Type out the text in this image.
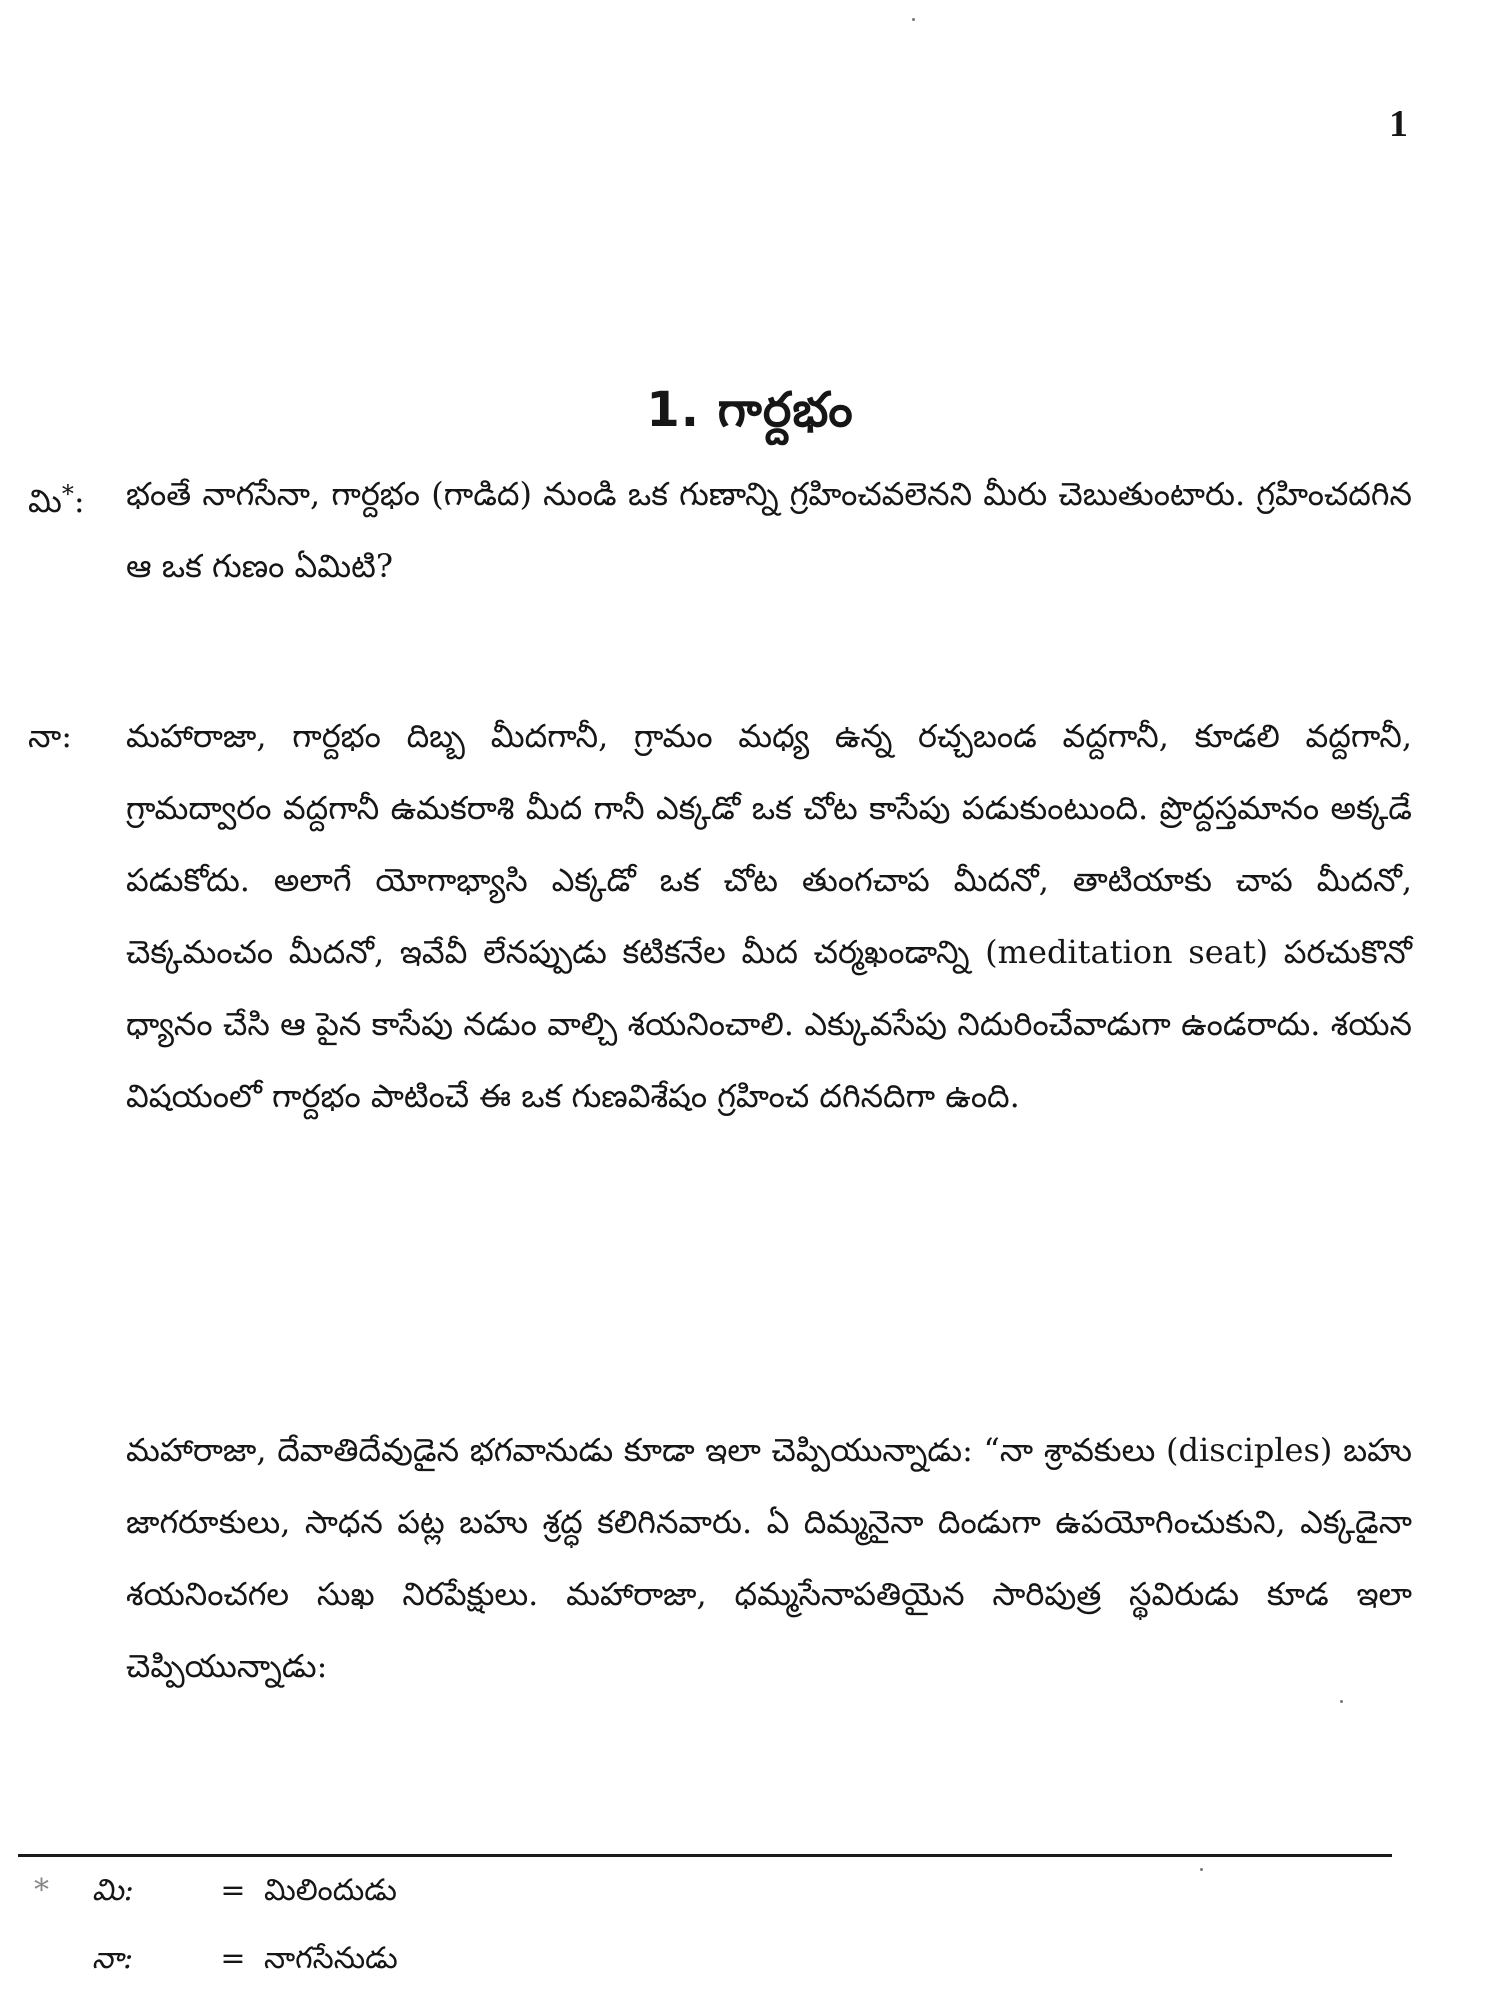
1
1. గార్దభం
మి*:	భంతే నాగసేనా, గార్దభం (గాడిద) నుండి ఒక గుణాన్ని గ్రహించవలెనని మీరు చెబుతుంటారు. గ్రహించదగిన ఆ ఒక గుణం ఏమిటి?

నా:	మహారాజా, గార్దభం దిబ్బ మీదగానీ, గ్రామం మధ్య ఉన్న రచ్చబండ వద్దగానీ, కూడలి వద్దగానీ, గ్రామద్వారం వద్దగానీ ఉమకరాశి మీద గానీ ఎక్కడో ఒక చోట కాసేపు పడుకుంటుంది. ప్రొద్దస్తమానం అక్కడే పడుకోదు. అలాగే యోగాభ్యాసి ఎక్కడో ఒక చోట తుంగచాప మీదనో, తాటియాకు చాప మీదనో, చెక్కమంచం మీదనో, ఇవేవీ లేనప్పుడు కటికనేల మీద చర్మఖండాన్ని (meditation seat) పరచుకొనో ధ్యానం చేసి ఆ పైన కాసేపు నడుం వాల్చి శయనించాలి. ఎక్కువసేపు నిదురించేవాడుగా ఉండరాదు. శయన విషయంలో గార్దభం పాటించే ఈ ఒక గుణవిశేషం గ్రహించ దగినదిగా ఉంది.

మహారాజా, దేవాతిదేవుడైన భగవానుడు కూడా ఇలా చెప్పియున్నాడు: “నా శ్రావకులు (disciples) బహు జాగరూకులు, సాధన పట్ల బహు శ్రద్ధ కలిగినవారు. ఏ దిమ్మనైనా దిండుగా ఉపయోగించుకుని, ఎక్కడైనా శయనించగల సుఖ నిరపేక్షులు. మహారాజా, ధమ్మసేనాపతియైన సారిపుత్ర స్థవిరుడు కూడ ఇలా చెప్పియున్నాడు:

*	మి:	= మిలిందుడు
నా:	= నాగసేనుడు
